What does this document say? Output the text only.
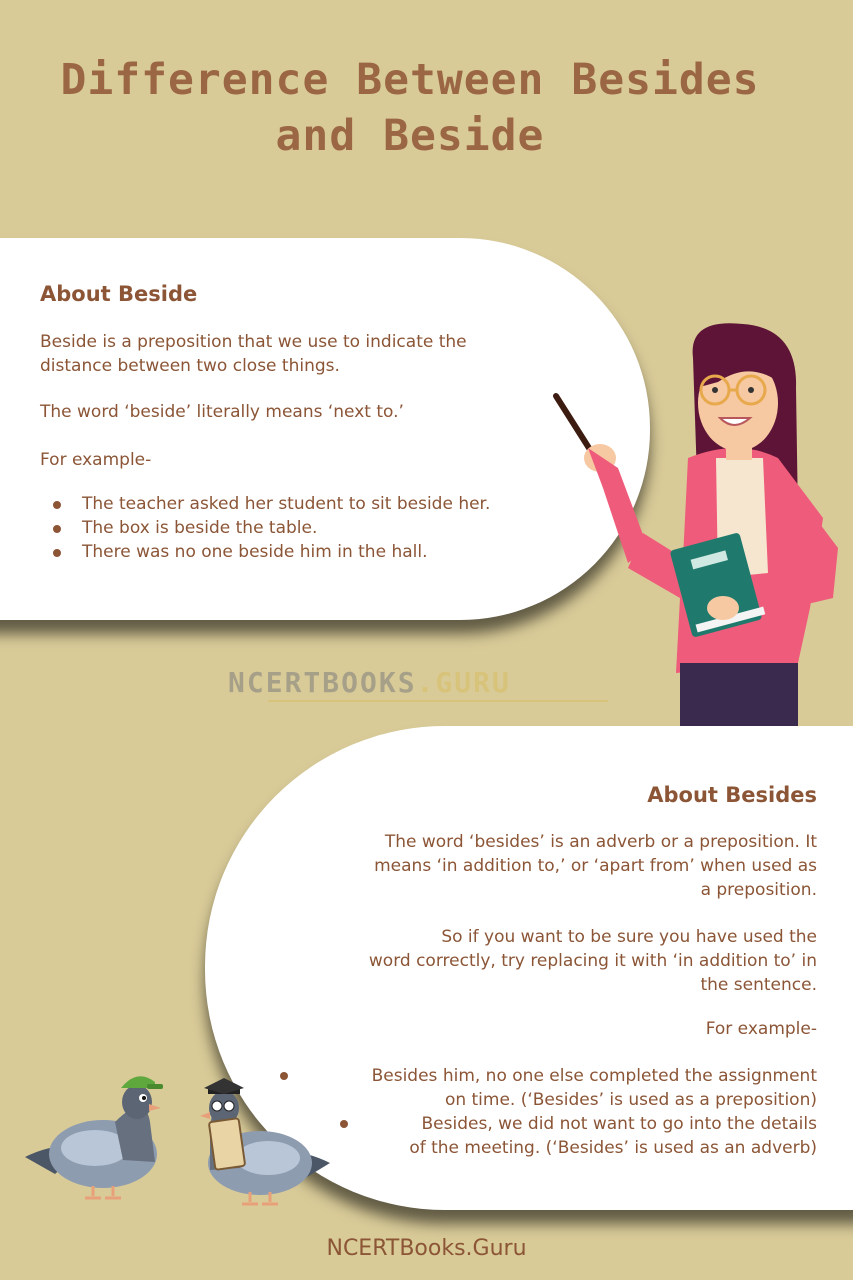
Difference Between Besides
and Beside
About Beside
Beside is a preposition that we use to indicate the
distance between two close things.
The word ‘beside’ literally means ‘next to.’
For example-
The teacher asked her student to sit beside her.
The box is beside the table.
There was no one beside him in the hall.
NCERTBOOKS.GURU
About Besides
The word ‘besides’ is an adverb or a preposition. It
means ‘in addition to,’ or ‘apart from’ when used as
a preposition.
So if you want to be sure you have used the
word correctly, try replacing it with ‘in addition to’ in
the sentence.
For example-
Besides him, no one else completed the assignment
on time. (‘Besides’ is used as a preposition)
Besides, we did not want to go into the details
of the meeting. (‘Besides’ is used as an adverb)
NCERTBooks.Guru
